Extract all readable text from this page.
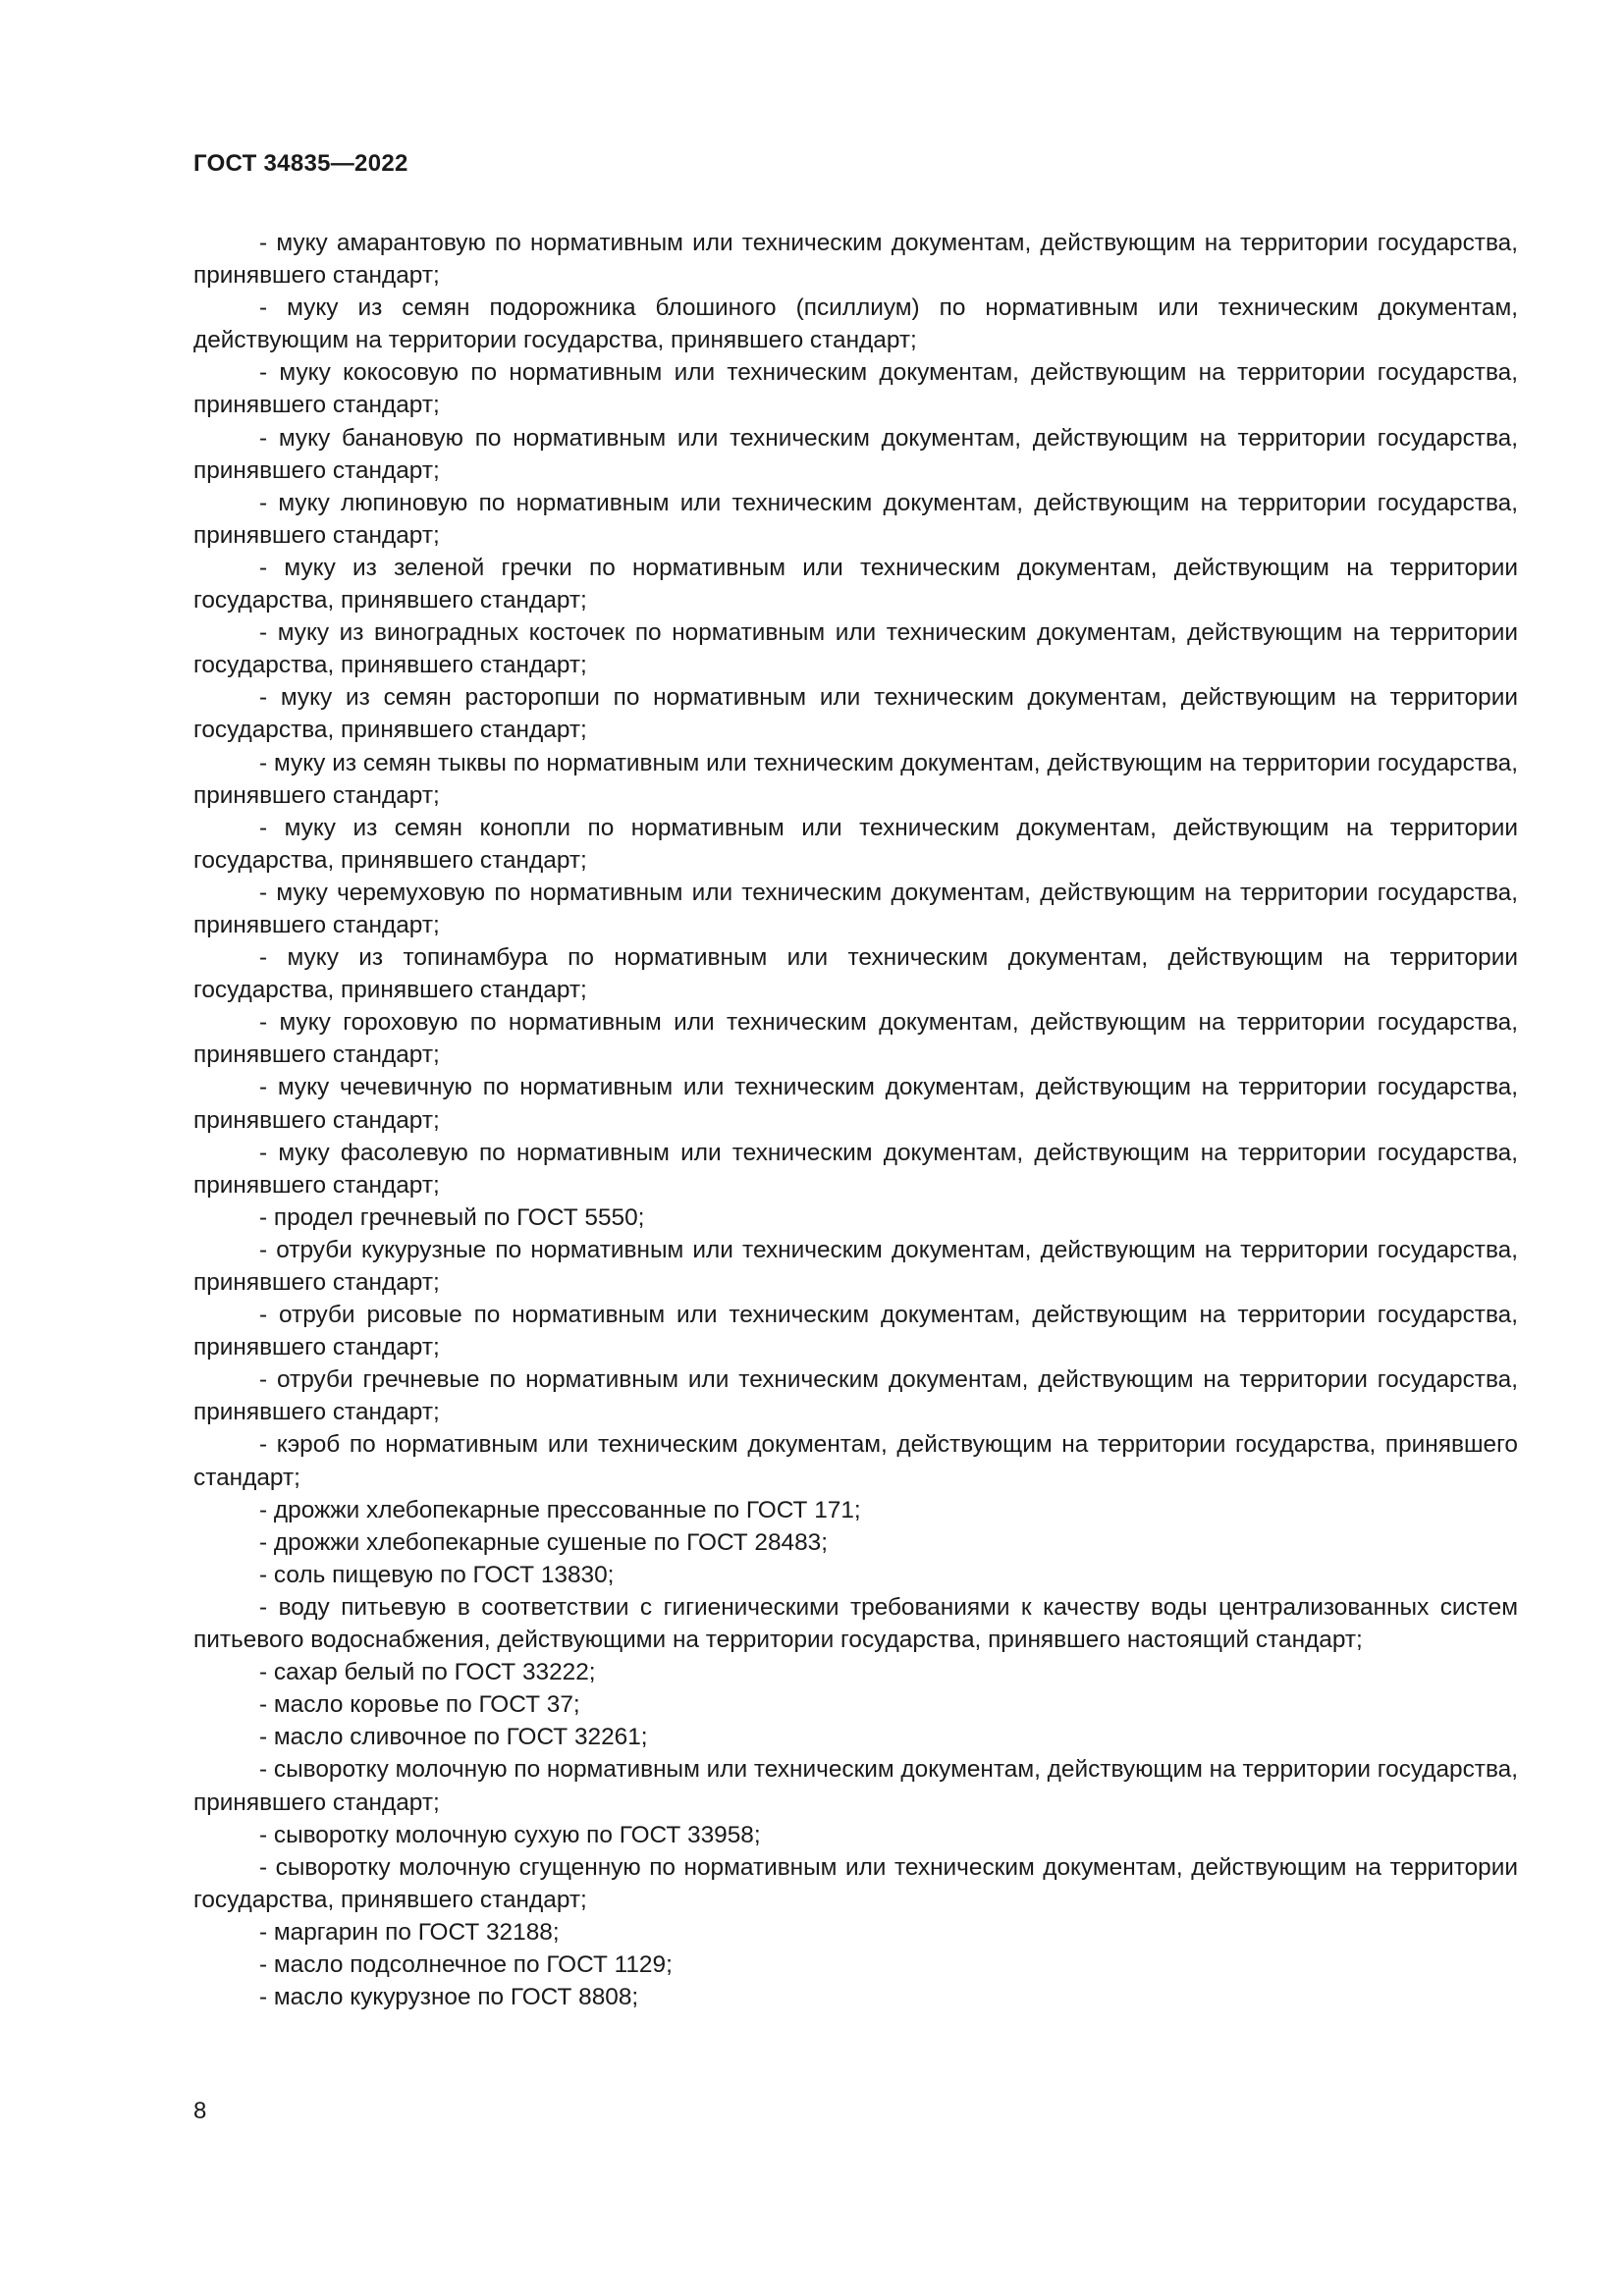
ГОСТ 34835—2022

- муку амарантовую по нормативным или техническим документам, действующим на территории государства, принявшего стандарт;

- муку из семян подорожника блошиного (псиллиум) по нормативным или техническим документам, действующим на территории государства, принявшего стандарт;

- муку кокосовую по нормативным или техническим документам, действующим на территории государства, принявшего стандарт;

- муку банановую по нормативным или техническим документам, действующим на территории государства, принявшего стандарт;

- муку люпиновую по нормативным или техническим документам, действующим на территории государства, принявшего стандарт;

- муку из зеленой гречки по нормативным или техническим документам, действующим на территории государства, принявшего стандарт;

- муку из виноградных косточек по нормативным или техническим документам, действующим на территории государства, принявшего стандарт;

- муку из семян расторопши по нормативным или техническим документам, действующим на территории государства, принявшего стандарт;

- муку из семян тыквы по нормативным или техническим документам, действующим на территории государства, принявшего стандарт;

- муку из семян конопли по нормативным или техническим документам, действующим на территории государства, принявшего стандарт;

- муку черемуховую по нормативным или техническим документам, действующим на территории государства, принявшего стандарт;

- муку из топинамбура по нормативным или техническим документам, действующим на территории государства, принявшего стандарт;

- муку гороховую по нормативным или техническим документам, действующим на территории государства, принявшего стандарт;

- муку чечевичную по нормативным или техническим документам, действующим на территории государства, принявшего стандарт;

- муку фасолевую по нормативным или техническим документам, действующим на территории государства, принявшего стандарт;

- продел гречневый по ГОСТ 5550;

- отруби кукурузные по нормативным или техническим документам, действующим на территории государства, принявшего стандарт;

- отруби рисовые по нормативным или техническим документам, действующим на территории государства, принявшего стандарт;

- отруби гречневые по нормативным или техническим документам, действующим на территории государства, принявшего стандарт;

- кэроб по нормативным или техническим документам, действующим на территории государства, принявшего стандарт;

- дрожжи хлебопекарные прессованные по ГОСТ 171;

- дрожжи хлебопекарные сушеные по ГОСТ 28483;

- соль пищевую по ГОСТ 13830;

- воду питьевую в соответствии с гигиеническими требованиями к качеству воды централизованных систем питьевого водоснабжения, действующими на территории государства, принявшего настоящий стандарт;

- сахар белый по ГОСТ 33222;

- масло коровье по ГОСТ 37;

- масло сливочное по ГОСТ 32261;

- сыворотку молочную по нормативным или техническим документам, действующим на территории государства, принявшего стандарт;

- сыворотку молочную сухую по ГОСТ 33958;

- сыворотку молочную сгущенную по нормативным или техническим документам, действующим на территории государства, принявшего стандарт;

- маргарин по ГОСТ 32188;

- масло подсолнечное по ГОСТ 1129;

- масло кукурузное по ГОСТ 8808;

8
